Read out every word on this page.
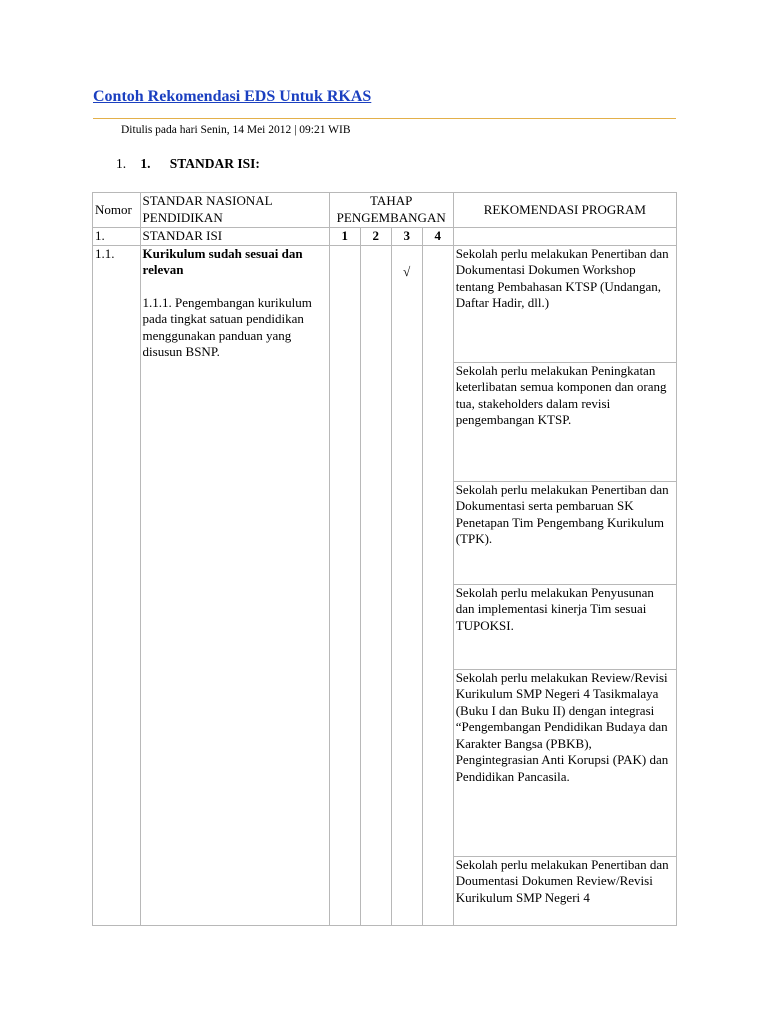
Contoh Rekomendasi EDS Untuk RKAS
Ditulis pada hari Senin, 14 Mei 2012 | 09:21 WIB
1. 1. STANDAR ISI:
Nomor	STANDAR NASIONAL PENDIDIKAN	TAHAP PENGEMBANGAN				REKOMENDASI PROGRAM
1.	STANDAR ISI	1	2	3	4	
1.1.	Kurikulum sudah sesuai dan relevan
1.1.1. Pengembangan kurikulum pada tingkat satuan pendidikan menggunakan panduan yang disusun BSNP.			√		Sekolah perlu melakukan Penertiban dan Dokumentasi Dokumen Workshop tentang Pembahasan KTSP (Undangan, Daftar Hadir, dll.)
						Sekolah perlu melakukan Peningkatan keterlibatan semua komponen dan orang tua, stakeholders dalam revisi pengembangan KTSP.
						Sekolah perlu melakukan Penertiban dan Dokumentasi serta pembaruan SK Penetapan Tim Pengembang Kurikulum (TPK).
						Sekolah perlu melakukan Penyusunan dan implementasi kinerja Tim sesuai TUPOKSI.
						Sekolah perlu melakukan Review/Revisi Kurikulum SMP Negeri 4 Tasikmalaya (Buku I dan Buku II) dengan integrasi “Pengembangan Pendidikan Budaya dan Karakter Bangsa (PBKB), Pengintegrasian Anti Korupsi (PAK) dan Pendidikan Pancasila.
						Sekolah perlu melakukan Penertiban dan Doumentasi Dokumen Review/Revisi Kurikulum SMP Negeri 4
